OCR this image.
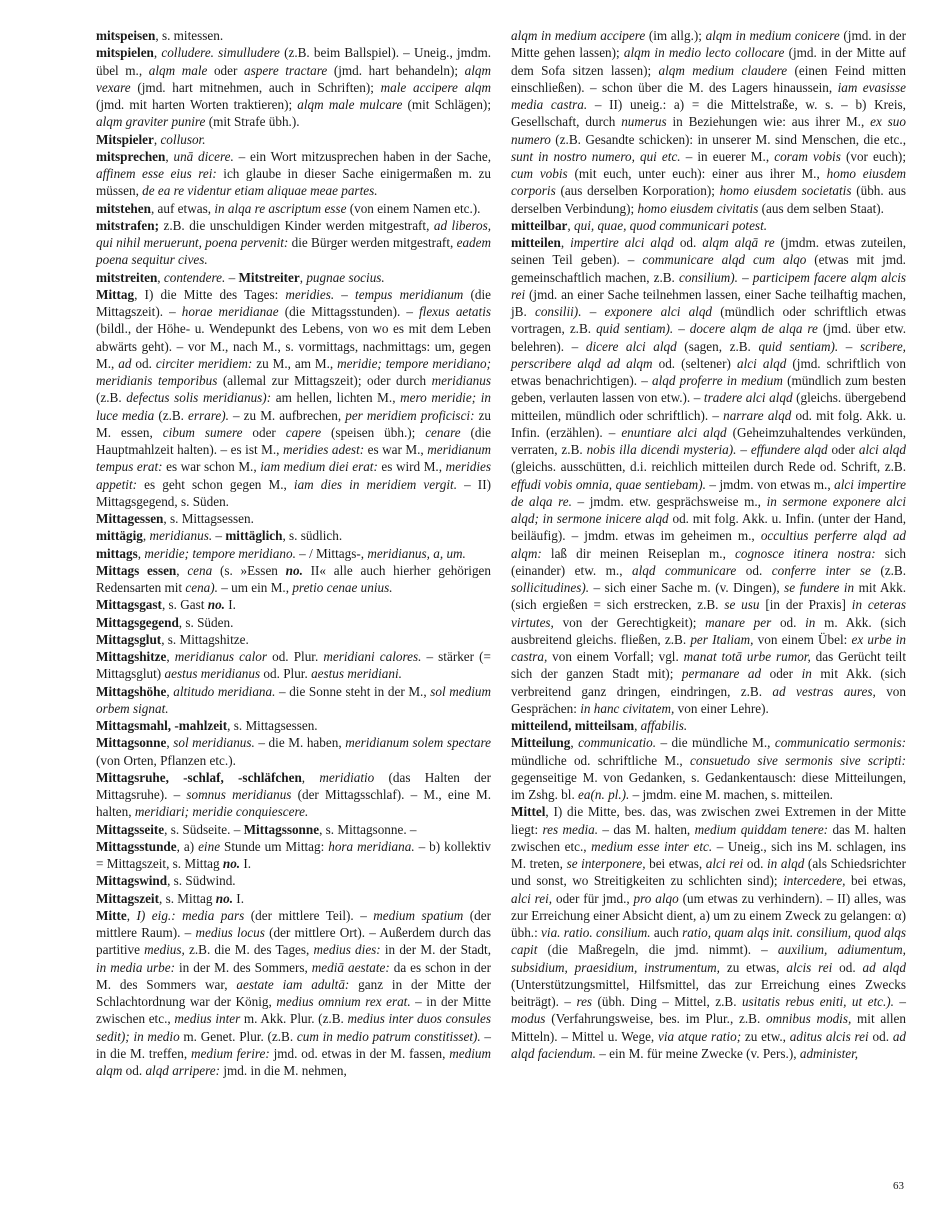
mitspeisen, s. mitessen.

mitspielen, colludere. simulludere (z.B. beim Ballspiel). – Uneig., jmdm. übel m., alqm male oder aspere tractare (jmd. hart behandeln); alqm vexare (jmd. hart mitnehmen, auch in Schriften); male accipere alqm (jmd. mit harten Worten traktieren); alqm male mulcare (mit Schlägen); alqm graviter punire (mit Strafe übh.).

Mitspieler, collusor.

mitsprechen, unā dicere. – ein Wort mitzusprechen haben in der Sache, affinem esse eius rei: ich glaube in dieser Sache einigermaßen m. zu müssen, de ea re videntur etiam aliquae meae partes.

mitstehen, auf etwas, in alqa re ascriptum esse (von einem Namen etc.).

mitstrafen; z.B. die unschuldigen Kinder werden mitgestraft, ad liberos, qui nihil meruerunt, poena pervenit: die Bürger werden mitgestraft, eadem poena sequitur cives.

mitstreiten, contendere. – Mitstreiter, pugnae socius.

Mittag, I) die Mitte des Tages: meridies. – tempus meridianum (die Mittagszeit). – horae meridianae (die Mittagsstunden). – flexus aetatis (bildl., der Höhe- u. Wendepunkt des Lebens, von wo es mit dem Leben abwärts geht). – vor M., nach M., s. vormittags, nachmittags: um, gegen M., ad od. circiter meridiem: zu M., am M., meridie; tempore meridiano; meridianis temporibus (allemal zur Mittagszeit); oder durch meridianus (z.B. defectus solis meridianus): am hellen, lichten M., mero meridie; in luce media (z.B. errare). – zu M. aufbrechen, per meridiem proficisci: zu M. essen, cibum sumere oder capere (speisen übh.); cenare (die Hauptmahlzeit halten). – es ist M., meridies adest: es war M., meridianum tempus erat: es war schon M., iam medium diei erat: es wird M., meridies appetit: es geht schon gegen M., iam dies in meridiem vergit. – II) Mittagsgegend, s. Süden.

Mittagessen, s. Mittagsessen.

mittägig, meridianus. – mittäglich, s. südlich.

mittags, meridie; tempore meridiano. – / Mittags-, meridianus, a, um.

Mittags essen, cena (s. »Essen no. II« alle auch hierher gehörigen Redensarten mit cena). – um ein M., pretio cenae unius.

Mittagsgast, s. Gast no. I.

Mittagsgegend, s. Süden.

Mittagsglut, s. Mittagshitze.

Mittagshitze, meridianus calor od. Plur. meridiani calores. – stärker (= Mittagsglut) aestus meridianus od. Plur. aestus meridiani.

Mittagshöhe, altitudo meridiana. – die Sonne steht in der M., sol medium orbem signat.

Mittagsmahl, -mahlzeit, s. Mittagsessen.

Mittagsonne, sol meridianus. – die M. haben, meridianum solem spectare (von Orten, Pflanzen etc.).

Mittagsruhe, -schlaf, -schläfchen, meridiatio (das Halten der Mittagsruhe). – somnus meridianus (der Mittagsschlaf). – M., eine M. halten, meridiari; meridie conquiescere.

Mittagsseite, s. Südseite. – Mittagssonne, s. Mittagsonne. –

Mittagsstunde, a) eine Stunde um Mittag: hora meridiana. – b) kollektiv = Mittagszeit, s. Mittag no. I.

Mittagswind, s. Südwind.

Mittagszeit, s. Mittag no. I.

Mitte, I) eig.: media pars (der mittlere Teil). – medium spatium (der mittlere Raum). – medius locus (der mittlere Ort). – Außerdem durch das partitive medius, z.B. die M. des Tages, medius dies: in der M. der Stadt, in media urbe: in der M. des Sommers, mediā aestate: da es schon in der M. des Sommers war, aestate iam adultā: ganz in der Mitte der Schlachtordnung war der König, medius omnium rex erat. – in der Mitte zwischen etc., medius inter m. Akk. Plur. (z.B. medius inter duos consules sedit); in medio m. Genet. Plur. (z.B. cum in medio patrum constitisset). – in die M. treffen, medium ferire: jmd. od. etwas in der M. fassen, medium alqm od. alqd arripere: jmd. in die M. nehmen,

alqm in medium accipere (im allg.); alqm in medium conicere (jmd. in der Mitte gehen lassen); alqm in medio lecto collocare (jmd. in der Mitte auf dem Sofa sitzen lassen); alqm medium claudere (einen Feind mitten einschließen). – schon über die M. des Lagers hinaussein, iam evasisse media castra. – II) uneig.: a) = die Mittelstraße, w. s. – b) Kreis, Gesellschaft, durch numerus in Beziehungen wie: aus ihrer M., ex suo numero (z.B. Gesandte schicken): in unserer M. sind Menschen, die etc., sunt in nostro numero, qui etc. – in euerer M., coram vobis (vor euch); cum vobis (mit euch, unter euch): einer aus ihrer M., homo eiusdem corporis (aus derselben Korporation); homo eiusdem societatis (übh. aus derselben Verbindung); homo eiusdem civitatis (aus dem selben Staat).

mitteilbar, qui, quae, quod communicari potest.

mitteilen, impertire alci alqd od. alqm alqā re (jmdm. etwas zuteilen, seinen Teil geben). – communicare alqd cum alqo (etwas mit jmd. gemeinschaftlich machen, z.B. consilium). – participem facere alqm alcis rei (jmd. an einer Sache teilnehmen lassen, einer Sache teilhaftig machen, jB. consilii). – exponere alci alqd (mündlich oder schriftlich etwas vortragen, z.B. quid sentiam). – docere alqm de alqa re (jmd. über etw. belehren). – dicere alci alqd (sagen, z.B. quid sentiam). – scribere, perscribere alqd ad alqm od. (seltener) alci alqd (jmd. schriftlich von etwas benachrichtigen). – alqd proferre in medium (mündlich zum besten geben, verlauten lassen von etw.). – tradere alci alqd (gleichs. übergebend mitteilen, mündlich oder schriftlich). – narrare alqd od. mit folg. Akk. u. Infin. (erzählen). – enuntiare alci alqd (Geheimzuhaltendes verkünden, verraten, z.B. nobis illa dicendi mysteria). – effundere alqd oder alci alqd (gleichs. ausschütten, d.i. reichlich mitteilen durch Rede od. Schrift, z.B. effudi vobis omnia, quae sentiebam). – jmdm. von etwas m., alci impertire de alqa re. – jmdm. etw. gesprächsweise m., in sermone exponere alci alqd; in sermone inicere alqd od. mit folg. Akk. u. Infin. (unter der Hand, beiläufig). – jmdm. etwas im geheimen m., occultius perferre alqd ad alqm: laß dir meinen Reiseplan m., cognosce itinera nostra: sich (einander) etw. m., alqd communicare od. conferre inter se (z.B. sollicitudines). – sich einer Sache m. (v. Dingen), se fundere in mit Akk. (sich ergießen = sich erstrecken, z.B. se usu [in der Praxis] in ceteras virtutes, von der Gerechtigkeit); manare per od. in m. Akk. (sich ausbreitend gleichs. fließen, z.B. per Italiam, von einem Übel: ex urbe in castra, von einem Vorfall; vgl. manat totā urbe rumor, das Gerücht teilt sich der ganzen Stadt mit); permanare ad oder in mit Akk. (sich verbreitend ganz dringen, eindringen, z.B. ad vestras aures, von Gesprächen: in hanc civitatem, von einer Lehre).

mitteilend, mitteilsam, affabilis.

Mitteilung, communicatio. – die mündliche M., communicatio sermonis: mündliche od. schriftliche M., consuetudo sive sermonis sive scripti: gegenseitige M. von Gedanken, s. Gedankentausch: diese Mitteilungen, im Zshg. bl. ea(n. pl.). – jmdm. eine M. machen, s. mitteilen.

Mittel, I) die Mitte, bes. das, was zwischen zwei Extremen in der Mitte liegt: res media. – das M. halten, medium quiddam tenere: das M. halten zwischen etc., medium esse inter etc. – Uneig., sich ins M. schlagen, ins M. treten, se interponere, bei etwas, alci rei od. in alqd (als Schiedsrichter und sonst, wo Streitigkeiten zu schlichten sind); intercedere, bei etwas, alci rei, oder für jmd., pro alqo (um etwas zu verhindern). – II) alles, was zur Erreichung einer Absicht dient, a) um zu einem Zweck zu gelangen: α) übh.: via. ratio. consilium. auch ratio, quam alqs init. consilium, quod alqs capit (die Maßregeln, die jmd. nimmt). – auxilium, adiumentum, subsidium, praesidium, instrumentum, zu etwas, alcis rei od. ad alqd (Unterstützungsmittel, Hilfsmittel, das zur Erreichung eines Zwecks beiträgt). – res (übh. Ding – Mittel, z.B. usitatis rebus eniti, ut etc.). – modus (Verfahrungsweise, bes. im Plur., z.B. omnibus modis, mit allen Mitteln). – Mittel u. Wege, via atque ratio; zu etw., aditus alcis rei od. ad alqd faciendum. – ein M. für meine Zwecke (v. Pers.), administer,

63
